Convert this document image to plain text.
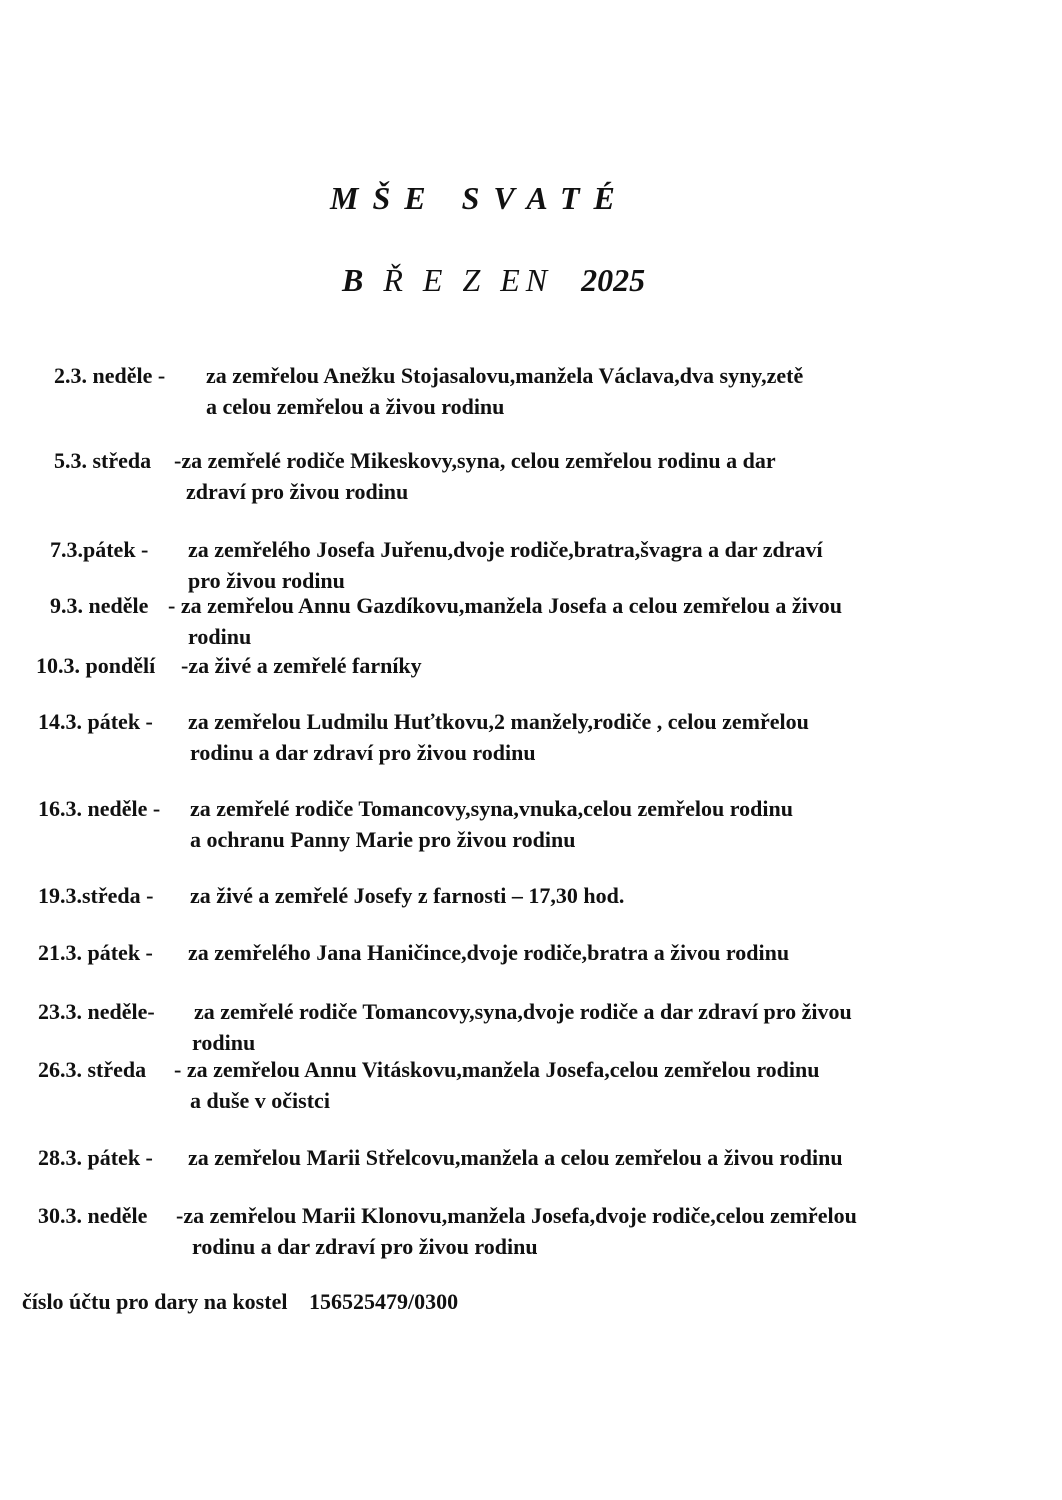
MŠE SVATÉ
B Ř E Z EN 2025
2.3. neděle - za zemřelou Anežku Stojasalovu,manžela Václava,dva syny,zetě
a celou zemřelou a živou rodinu
5.3. středa -za zemřelé rodiče Mikeskovy,syna, celou zemřelou rodinu a dar
zdraví pro živou rodinu
7.3.pátek - za zemřelého Josefa Juřenu,dvoje rodiče,bratra,švagra a dar zdraví
pro živou rodinu
9.3. neděle - za zemřelou Annu Gazdíkovu,manžela Josefa a celou zemřelou a živou
rodinu
10.3. pondělí -za živé a zemřelé farníky
14.3. pátek - za zemřelou Ludmilu Huťtkovu,2 manžely,rodiče , celou zemřelou
rodinu a dar zdraví pro živou rodinu
16.3. neděle - za zemřelé rodiče Tomancovy,syna,vnuka,celou zemřelou rodinu
a ochranu Panny Marie pro živou rodinu
19.3.středa - za živé a zemřelé Josefy z farnosti – 17,30 hod.
21.3. pátek - za zemřelého Jana Haničince,dvoje rodiče,bratra a živou rodinu
23.3. neděle- za zemřelé rodiče Tomancovy,syna,dvoje rodiče a dar zdraví pro živou
rodinu
26.3. středa - za zemřelou Annu Vitáskovu,manžela Josefa,celou zemřelou rodinu
a duše v očistci
28.3. pátek - za zemřelou Marii Střelcovu,manžela a celou zemřelou a živou rodinu
30.3. neděle -za zemřelou Marii Klonovu,manžela Josefa,dvoje rodiče,celou zemřelou
rodinu a dar zdraví pro živou rodinu
číslo účtu pro dary na kostel 156525479/0300
